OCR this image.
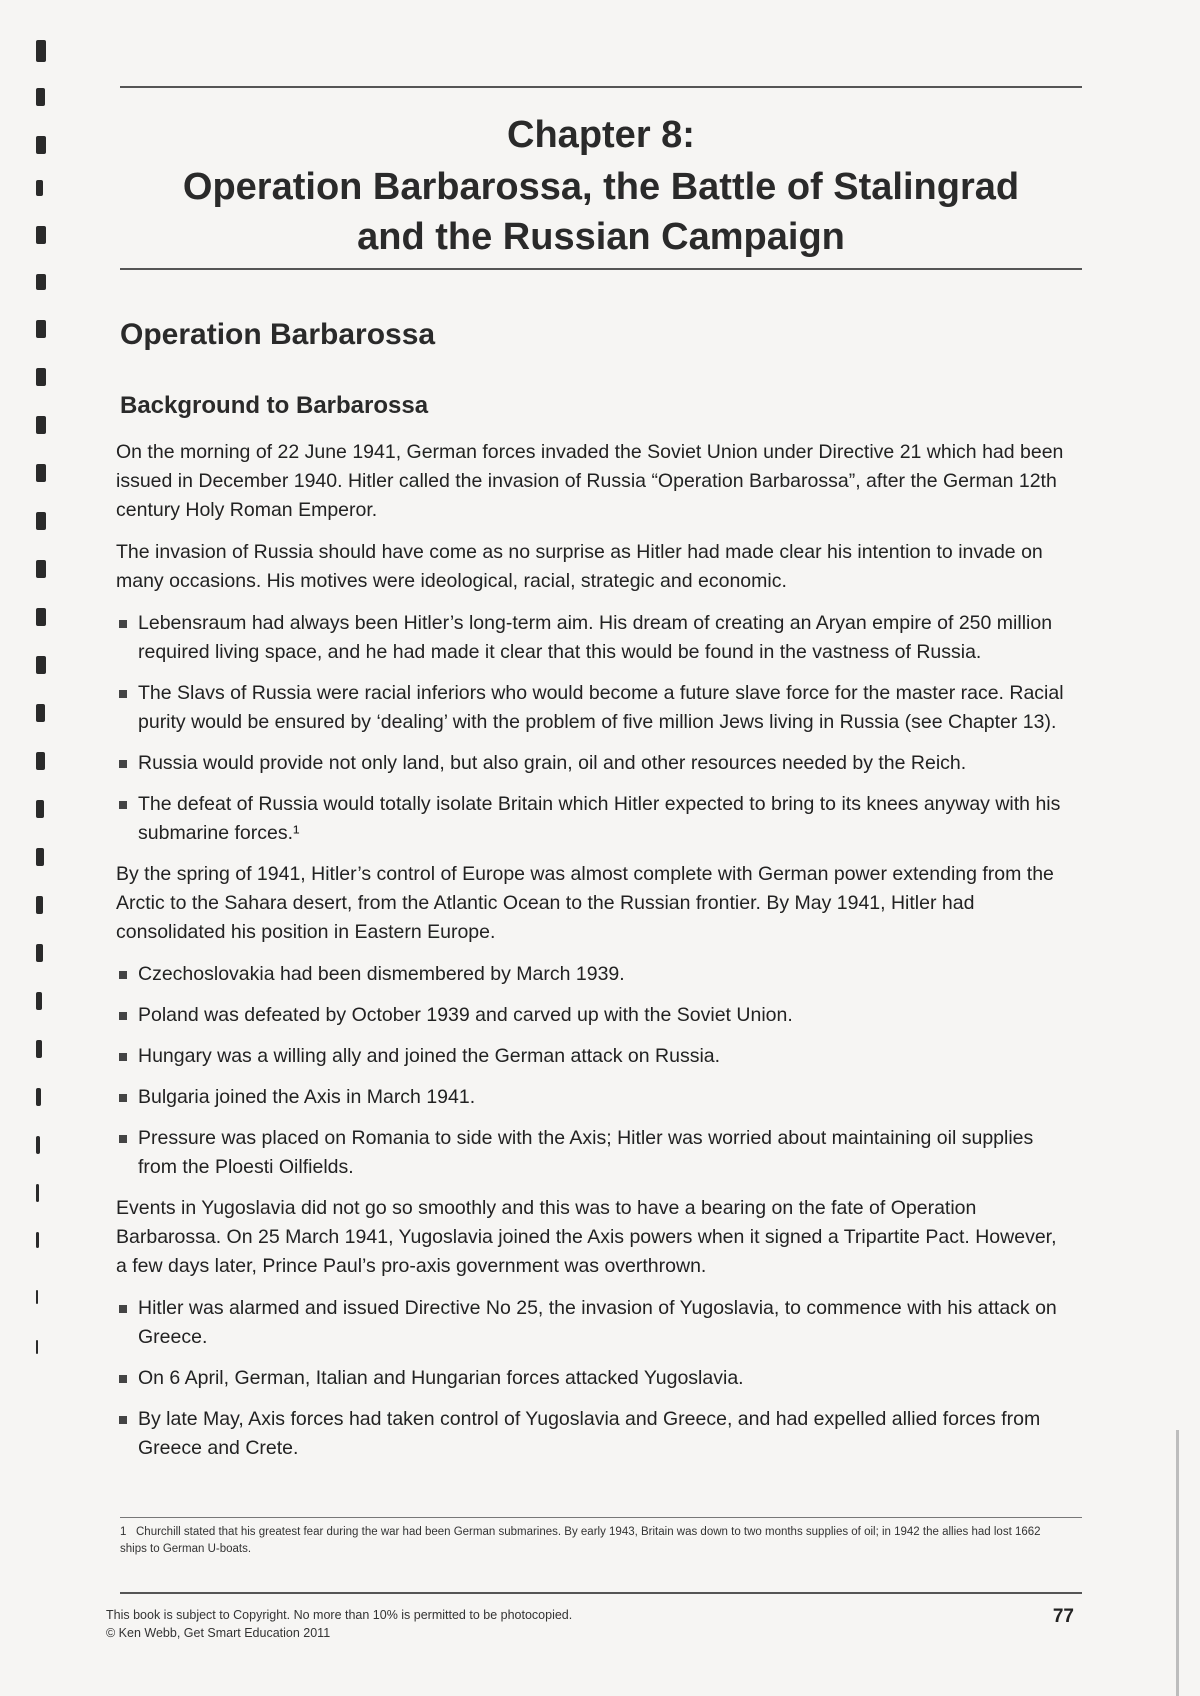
Chapter 8:
Operation Barbarossa, the Battle of Stalingrad
and the Russian Campaign
Operation Barbarossa
Background to Barbarossa

On the morning of 22 June 1941, German forces invaded the Soviet Union under Directive 21 which had been issued in December 1940. Hitler called the invasion of Russia “Operation Barbarossa”, after the German 12th century Holy Roman Emperor.

The invasion of Russia should have come as no surprise as Hitler had made clear his intention to invade on many occasions. His motives were ideological, racial, strategic and economic.

Lebensraum had always been Hitler’s long-term aim. His dream of creating an Aryan empire of 250 million required living space, and he had made it clear that this would be found in the vastness of Russia.
The Slavs of Russia were racial inferiors who would become a future slave force for the master race. Racial purity would be ensured by ‘dealing’ with the problem of five million Jews living in Russia (see Chapter 13).
Russia would provide not only land, but also grain, oil and other resources needed by the Reich.
The defeat of Russia would totally isolate Britain which Hitler expected to bring to its knees anyway with his submarine forces.¹

By the spring of 1941, Hitler’s control of Europe was almost complete with German power extending from the Arctic to the Sahara desert, from the Atlantic Ocean to the Russian frontier. By May 1941, Hitler had consolidated his position in Eastern Europe.

Czechoslovakia had been dismembered by March 1939.
Poland was defeated by October 1939 and carved up with the Soviet Union.
Hungary was a willing ally and joined the German attack on Russia.
Bulgaria joined the Axis in March 1941.
Pressure was placed on Romania to side with the Axis; Hitler was worried about maintaining oil supplies from the Ploesti Oilfields.

Events in Yugoslavia did not go so smoothly and this was to have a bearing on the fate of Operation Barbarossa. On 25 March 1941, Yugoslavia joined the Axis powers when it signed a Tripartite Pact. However, a few days later, Prince Paul’s pro-axis government was overthrown.

Hitler was alarmed and issued Directive No 25, the invasion of Yugoslavia, to commence with his attack on Greece.
On 6 April, German, Italian and Hungarian forces attacked Yugoslavia.
By late May, Axis forces had taken control of Yugoslavia and Greece, and had expelled allied forces from Greece and Crete.
1 Churchill stated that his greatest fear during the war had been German submarines. By early 1943, Britain was down to two months supplies of oil; in 1942 the allies had lost 1662 ships to German U-boats.
This book is subject to Copyright. No more than 10% is permitted to be photocopied.
© Ken Webb, Get Smart Education 2011
77
